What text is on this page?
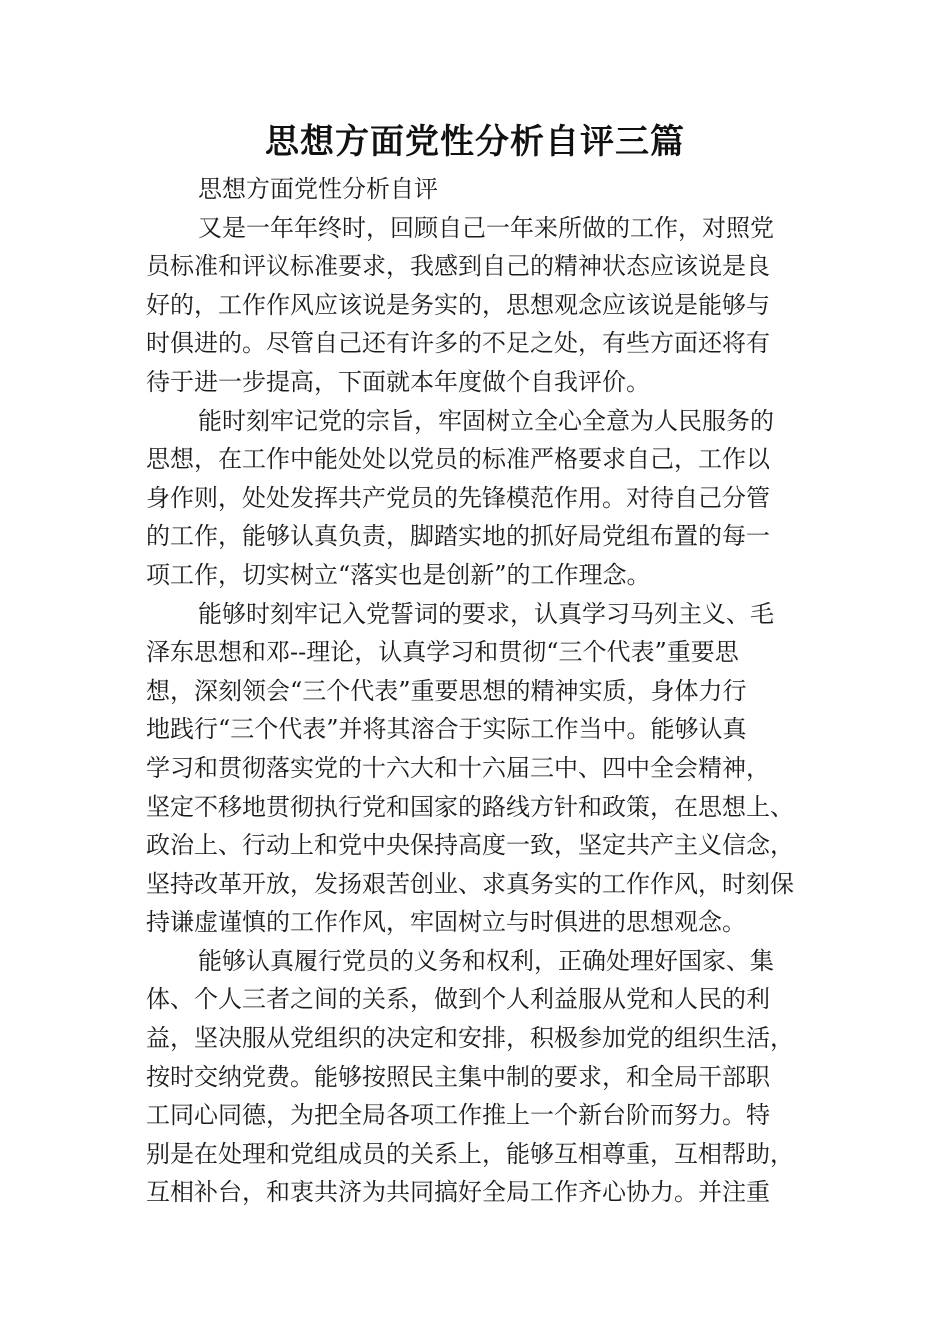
思想方面党性分析自评三篇
思想方面党性分析自评
又是一年年终时，回顾自己一年来所做的工作，对照党
员标准和评议标准要求，我感到自己的精神状态应该说是良
好的，工作作风应该说是务实的，思想观念应该说是能够与
时俱进的。尽管自己还有许多的不足之处，有些方面还将有
待于进一步提高，下面就本年度做个自我评价。
能时刻牢记党的宗旨，牢固树立全心全意为人民服务的
思想，在工作中能处处以党员的标准严格要求自己，工作以
身作则，处处发挥共产党员的先锋模范作用。对待自己分管
的工作，能够认真负责，脚踏实地的抓好局党组布置的每一
项工作，切实树立“落实也是创新”的工作理念。
能够时刻牢记入党誓词的要求，认真学习马列主义、毛
泽东思想和邓--理论，认真学习和贯彻“三个代表”重要思
想，深刻领会“三个代表”重要思想的精神实质，身体力行
地践行“三个代表”并将其溶合于实际工作当中。能够认真
学习和贯彻落实党的十六大和十六届三中、四中全会精神，
坚定不移地贯彻执行党和国家的路线方针和政策，在思想上、
政治上、行动上和党中央保持高度一致，坚定共产主义信念，
坚持改革开放，发扬艰苦创业、求真务实的工作作风，时刻保
持谦虚谨慎的工作作风，牢固树立与时俱进的思想观念。
能够认真履行党员的义务和权利，正确处理好国家、集
体、个人三者之间的关系，做到个人利益服从党和人民的利
益，坚决服从党组织的决定和安排，积极参加党的组织生活，
按时交纳党费。能够按照民主集中制的要求，和全局干部职
工同心同德，为把全局各项工作推上一个新台阶而努力。特
别是在处理和党组成员的关系上，能够互相尊重，互相帮助，
互相补台，和衷共济为共同搞好全局工作齐心协力。并注重
